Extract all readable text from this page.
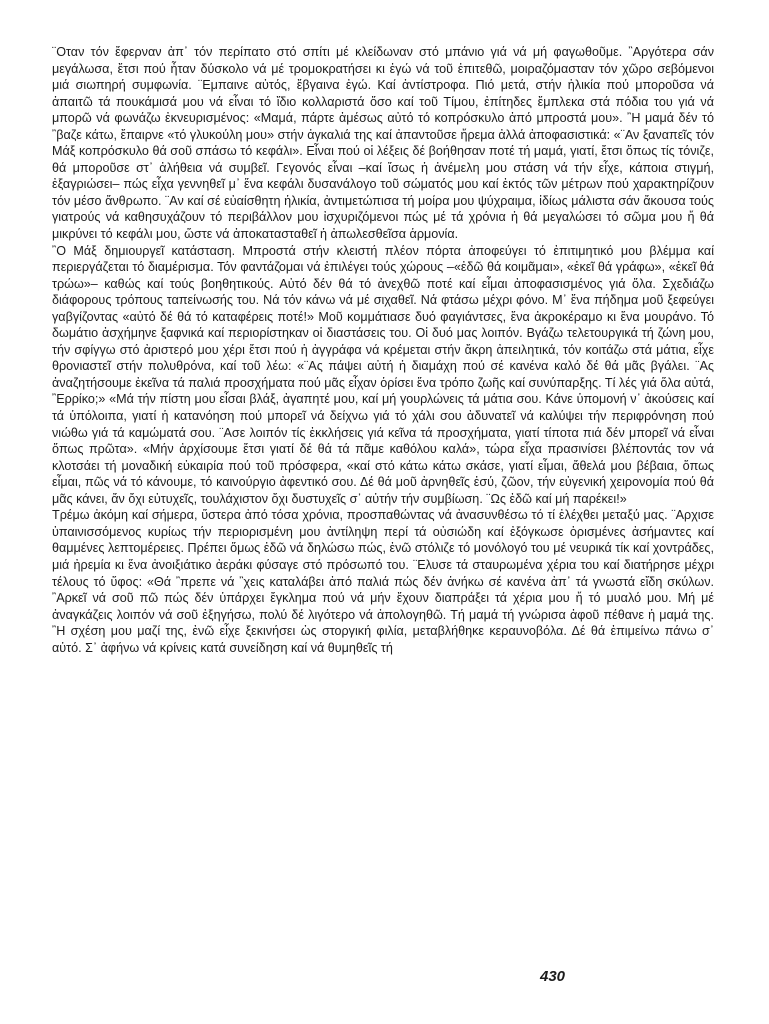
¨Οταν τόν ἔφερναν ἀπ᾿ τόν περίπατο στό σπίτι μέ κλείδωναν στό μπάνιο γιά νά μή φαγωθοῦμε. ῍Αργότερα σάν μεγάλωσα, ἔτσι πού ἦταν δύσκολο νά μέ τρομοκρατήσει κι ἐγώ νά τοῦ ἐπιτεθῶ, μοιραζόμασταν τόν χῶρο σεβόμενοι μιά σιωπηρή συμφωνία. ¨Εμπαινε αὐτός, ἔβγαινα ἐγώ. Καί ἀντίστροφα. Πιό μετά, στήν ἡλικία πού μποροῦσα νά ἀπαιτῶ τά πουκάμισά μου νά εἶναι τό ἴδιο κολλαριστά ὅσο καί τοῦ Τίμου, ἐπίτηδες ἔμπλεκα στά πόδια του γιά νά μπορῶ νά φωνάζω ἐκνευρισμένος: «Μαμά, πάρτε ἀμέσως αὐτό τό κοπρόσκυλο ἀπό μπροστά μου». ῍Η μαμά δέν τό ῍βαζε κάτω, ἔπαιρνε «τό γλυκούλη μου» στήν ἀγκαλιά της καί ἀπαντοῦσε ἤρεμα ἀλλά ἀποφασιστικά: «¨Αν ξαναπεῖς τόν Μάξ κοπρόσκυλο θά σοῦ σπάσω τό κεφάλι». Εἶναι πού οἱ λέξεις δέ βοήθησαν ποτέ τή μαμά, γιατί, ἔτσι ὅπως τίς τόνιζε, θά μποροῦσε στ᾿ ἀλήθεια νά συμβεῖ. Γεγονός εἶναι –καί ἴσως ἡ ἀνέμελη μου στάση νά τήν εἶχε, κάποια στιγμή, ἐξαγριώσει– πώς εἶχα γεννηθεῖ μ᾿ ἕνα κεφάλι δυσανάλογο τοῦ σώματός μου καί ἐκτός τῶν μέτρων πού χαρακτηρίζουν τόν μέσο ἄνθρωπο. ¨Αν καί σέ εὐαίσθητη ἡλικία, ἀντιμετώπισα τή μοίρα μου ψύχραιμα, ἰδίως μάλιστα σάν ἄκουσα τούς γιατρούς νά καθησυχάζουν τό περιβάλλον μου ἰσχυριζόμενοι πώς μέ τά χρόνια ἡ θά μεγαλώσει τό σῶμα μου ἤ θά μικρύνει τό κεφάλι μου, ὥστε νά ἀποκατασταθεῖ ἡ ἀπωλεσθεῖσα ἁρμονία.

῍Ο Μάξ δημιουργεῖ κατάσταση. Μπροστά στήν κλειστή πλέον πόρτα ἀποφεύγει τό ἐπιτιμητικό μου βλέμμα καί περιεργάζεται τό διαμέρισμα. Τόν φαντάζομαι νά ἐπιλέγει τούς χώρους –«ἐδῶ θά κοιμᾶμαι», «ἐκεῖ θά γράφω», «ἐκεῖ θά τρώω»– καθώς καί τούς βοηθητικούς. Αὐτό δέν θά τό ἀνεχθῶ ποτέ καί εἶμαι ἀποφασισμένος γιά ὅλα. Σχεδιάζω διάφορους τρόπους ταπείνωσής του. Νά τόν κάνω νά μέ σιχαθεῖ. Νά φτάσω μέχρι φόνο. Μ᾿ ἕνα πήδημα μοῦ ξεφεύγει γαβγίζοντας «αὐτό δέ θά τό καταφέρεις ποτέ!» Μοῦ κομμάτιασε δυό φαγιάντσες, ἕνα ἀκροκέραμο κι ἕνα μουράνο. Τό δωμάτιο ἀσχήμηνε ξαφνικά καί περιορίστηκαν οἱ διαστάσεις του. Οἱ δυό μας λοιπόν. Βγάζω τελετουργικά τή ζώνη μου, τήν σφίγγω στό ἀριστερό μου χέρι ἔτσι πού ἡ ἀγγράφα νά κρέμεται στήν ἄκρη ἀπειλητικά, τόν κοιτάζω στά μάτια, εἶχε θρονιαστεῖ στήν πολυθρόνα, καί τοῦ λέω: «¨Ας πάψει αὐτή ἡ διαμάχη πού σέ κανένα καλό δέ θά μᾶς βγάλει. ¨Ας ἀναζητήσουμε ἐκεῖνα τά παλιά προσχήματα πού μᾶς εἶχαν ὁρίσει ἕνα τρόπο ζωῆς καί συνύπαρξης. Τί λές γιά ὅλα αὐτά, ῍Ερρίκο;» «Μά τήν πίστη μου εἶσαι βλάξ, ἀγαπητέ μου, καί μή γουρλώνεις τά μάτια σου. Κάνε ὑπομονή ν᾿ ἀκούσεις καί τά ὑπόλοιπα, γιατί ἡ κατανόηση πού μπορεῖ νά δείχνω γιά τό χάλι σου ἀδυνατεῖ νά καλύψει τήν περιφρόνηση πού νιώθω γιά τά καμώματά σου. ¨Ασε λοιπόν τίς ἐκκλήσεις γιά κεῖνα τά προσχήματα, γιατί τίποτα πιά δέν μπορεῖ νά εἶναι ὅπως πρῶτα». «Μήν ἀρχίσουμε ἔτσι γιατί δέ θά τά πᾶμε καθόλου καλά», τώρα εἶχα πρασινίσει βλέποντάς τον νά κλοτσάει τή μοναδική εὐκαιρία πού τοῦ πρόσφερα, «καί στό κάτω κάτω σκάσε, γιατί εἶμαι, ἄθελά μου βέβαια, ὅπως εἶμαι, πῶς νά τό κάνουμε, τό καινούργιο ἀφεντικό σου. Δέ θά μοῦ ἀρνηθεῖς ἐσύ, ζῶον, τήν εὐγενική χειρονομία πού θά μᾶς κάνει, ἄν ὄχι εὐτυχεῖς, τουλάχιστον ὄχι δυστυχεῖς σ᾿ αὐτήν τήν συμβίωση. ¨Ως ἐδῶ καί μή παρέκει!»

Τρέμω ἀκόμη καί σήμερα, ὕστερα ἀπό τόσα χρόνια, προσπαθώντας νά ἀνασυνθέσω τό τί ἐλέχθει μεταξύ μας. ¨Αρχισε ὑπαινισσόμενος κυρίως τήν περιορισμένη μου ἀντίληψη περί τά οὐσιώδη καί ἐξόγκωσε ὁρισμένες ἀσήμαντες καί θαμμένες λεπτομέρειες. Πρέπει ὅμως ἐδῶ νά δηλώσω πώς, ἐνῶ στόλιζε τό μονόλογό του μέ νευρικά τίκ καί χοντράδες, μιά ἠρεμία κι ἕνα ἀνοιξιάτικο ἀεράκι φύσαγε στό πρόσωπό του. ¨Ελυσε τά σταυρωμένα χέρια του καί διατήρησε μέχρι τέλους τό ὕφος: «Θά ῍πρεπε νά ῍χεις καταλάβει ἀπό παλιά πώς δέν ἀνήκω σέ κανένα ἀπ᾿ τά γνωστά εἴδη σκύλων. ῍Αρκεῖ νά σοῦ πῶ πώς δέν ὑπάρχει ἔγκλημα πού νά μήν ἔχουν διαπράξει τά χέρια μου ἤ τό μυαλό μου. Μή μέ ἀναγκάζεις λοιπόν νά σοῦ ἐξηγήσω, πολύ δέ λιγότερο νά ἀπολογηθῶ. Τή μαμά τή γνώρισα ἀφοῦ πέθανε ἡ μαμά της. ῍Η σχέση μου μαζί της, ἐνῶ εἶχε ξεκινήσει ὡς στοργική φιλία, μεταβλήθηκε κεραυνοβόλα. Δέ θά ἐπιμείνω πάνω σ᾿ αὐτό. Σ᾿ ἀφήνω νά κρίνεις κατά συνείδηση καί νά θυμηθεῖς τή

430
